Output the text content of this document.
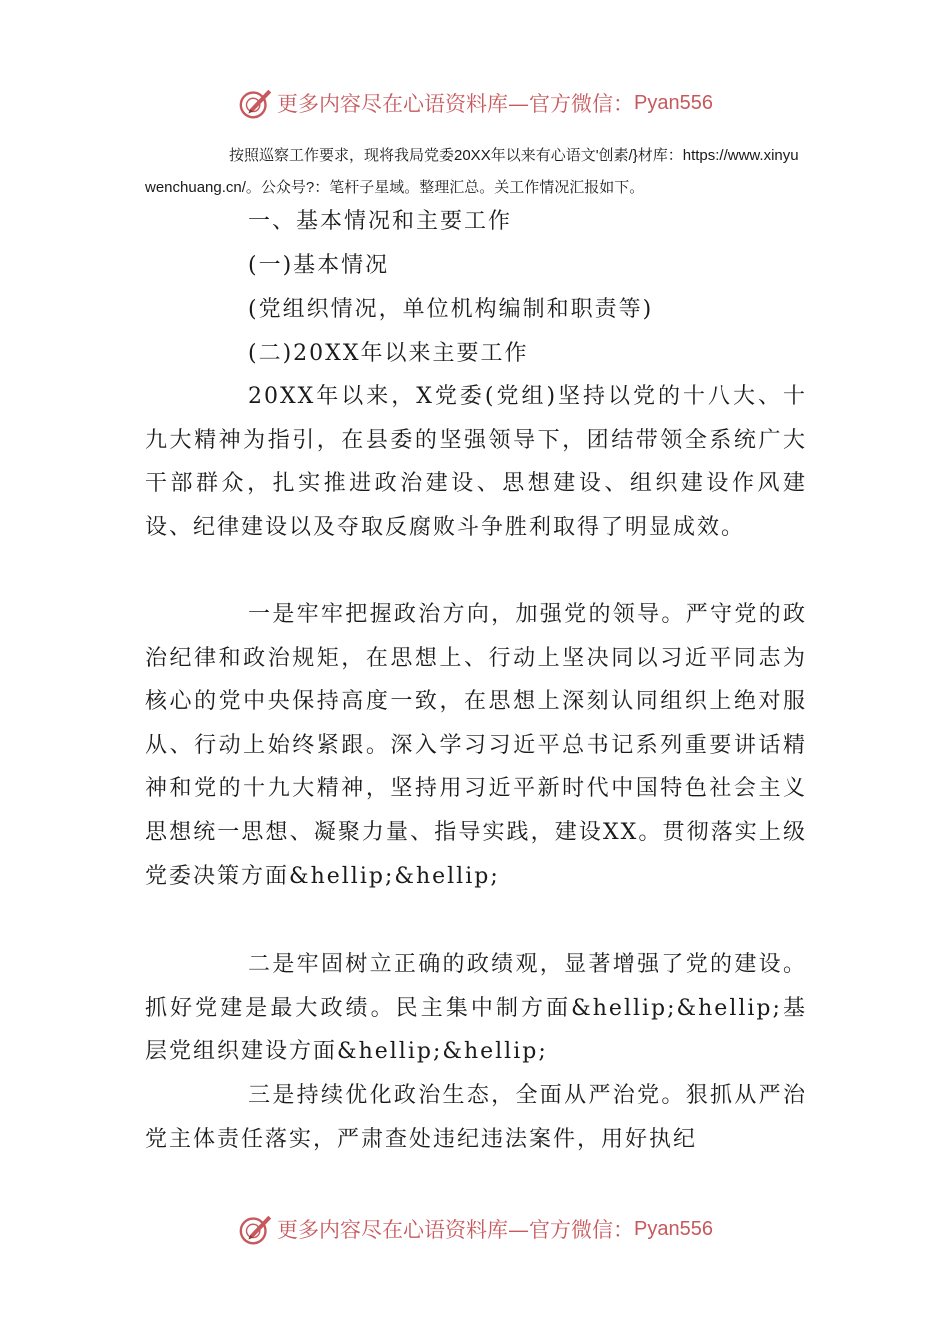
更多内容尽在心语资料库—官方微信： Pyan556

按照巡察工作要求，现将我局党委20XX年以来有心语文'创素/}材库：https://www.xinyuwenchuang.cn/。公众号?：笔杆子星域。整理汇总。关工作情况汇报如下。

一、基本情况和主要工作
(一)基本情况
(党组织情况，单位机构编制和职责等)
(二)20XX年以来主要工作

20XX年以来，X党委(党组)坚持以党的十八大、十九大精神为指引，在县委的坚强领导下，团结带领全系统广大干部群众，扎实推进政治建设、思想建设、组织建设作风建设、纪律建设以及夺取反腐败斗争胜利取得了明显成效。

一是牢牢把握政治方向，加强党的领导。严守党的政治纪律和政治规矩，在思想上、行动上坚决同以习近平同志为核心的党中央保持高度一致，在思想上深刻认同组织上绝对服从、行动上始终紧跟。深入学习习近平总书记系列重要讲话精神和党的十九大精神，坚持用习近平新时代中国特色社会主义思想统一思想、凝聚力量、指导实践，建设XX。贯彻落实上级党委决策方面&hellip;&hellip;

二是牢固树立正确的政绩观，显著增强了党的建设。抓好党建是最大政绩。民主集中制方面&hellip;&hellip;基层党组织建设方面&hellip;&hellip;

三是持续优化政治生态，全面从严治党。狠抓从严治党主体责任落实，严肃查处违纪违法案件，用好执纪

更多内容尽在心语资料库—官方微信： Pyan556
